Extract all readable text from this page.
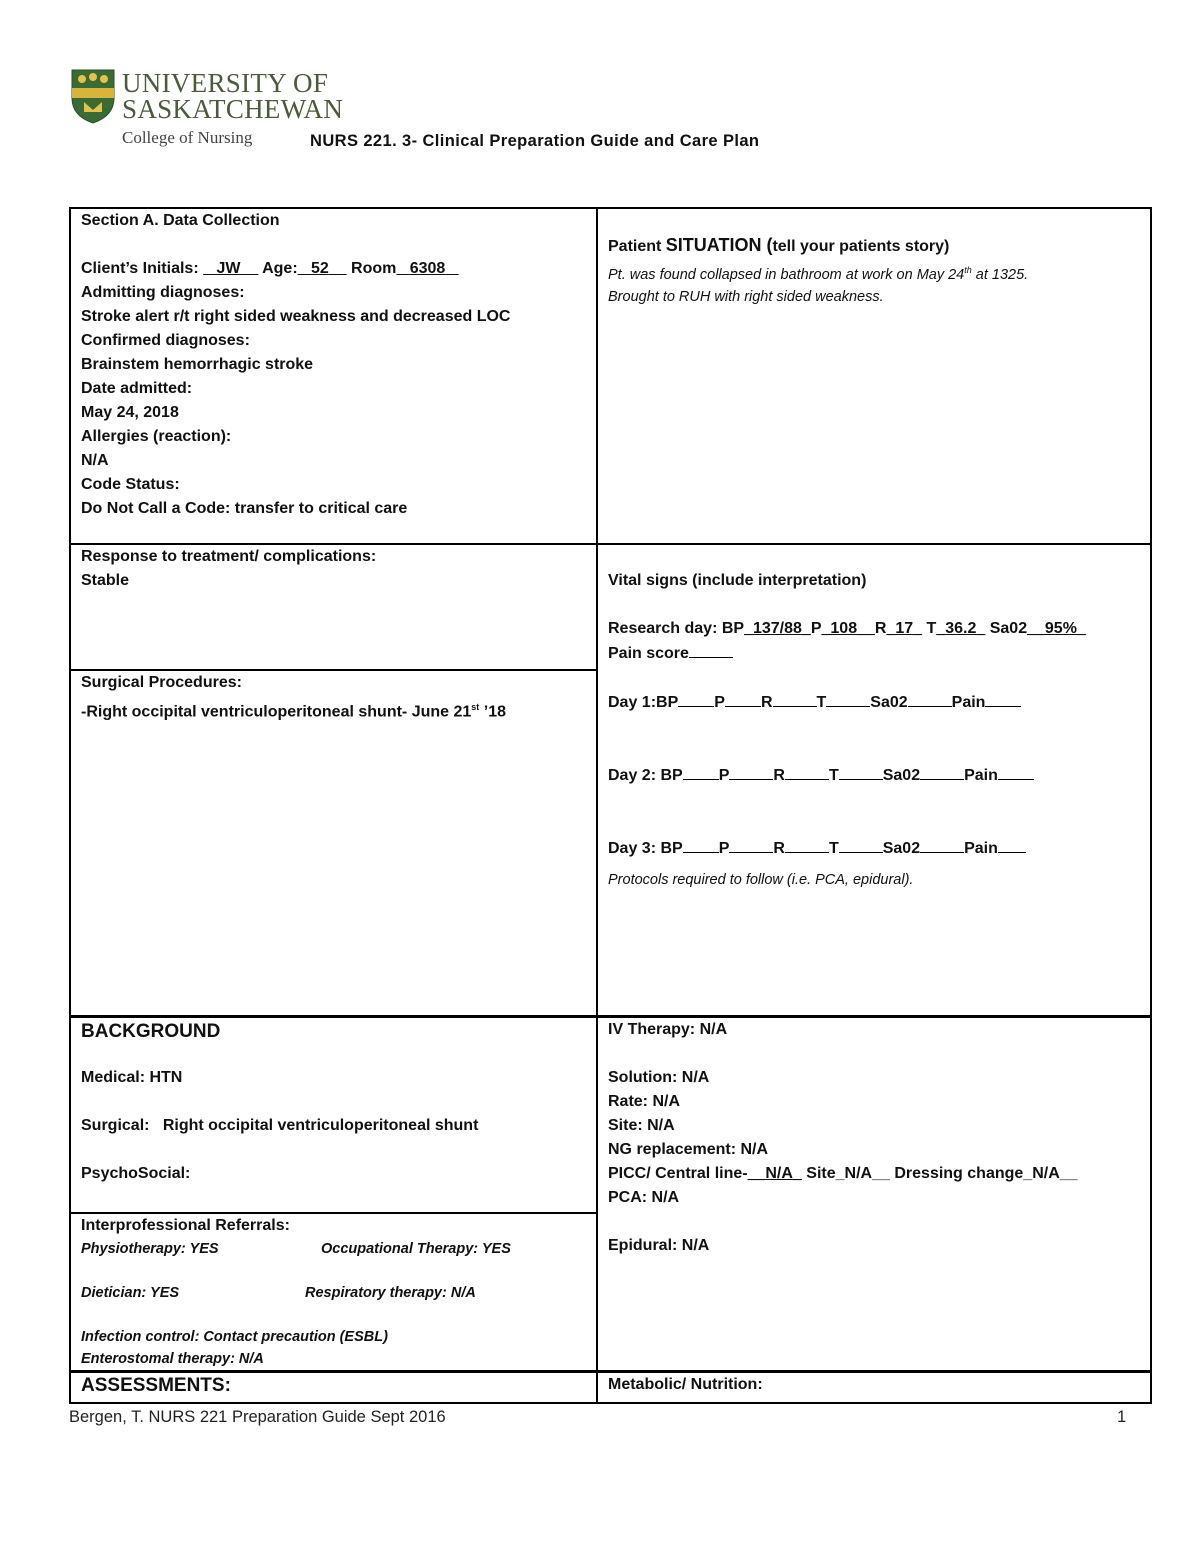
UNIVERSITY OF
SASKATCHEWAN
College of Nursing	NURS 221. 3- Clinical Preparation Guide and Care Plan
Section A. Data Collection
Client’s Initials: JW Age: 52 Room 6308
Admitting diagnoses:
Stroke alert r/t right sided weakness and decreased LOC
Confirmed diagnoses:
Brainstem hemorrhagic stroke
Date admitted:
May 24, 2018
Allergies (reaction):
N/A
Code Status:
Do Not Call a Code: transfer to critical care
Patient SITUATION (tell your patients story)
Pt. was found collapsed in bathroom at work on May 24th at 1325.
Brought to RUH with right sided weakness.
Response to treatment/ complications:
Stable
Surgical Procedures:
-Right occipital ventriculoperitoneal shunt- June 21st ’18
Vital signs (include interpretation)
Research day: BP_137/88_P_108__R_17_ T_36.2_ Sa02__95%_
Pain score
Day 1:BP P R	T	Sa02	Pain
Day 2: BP P	R	T	Sa02	Pain
Day 3: BP P	R	T	Sa02	Pain
Protocols required to follow (i.e. PCA, epidural).
BACKGROUND
Medical: HTN
Surgical: Right occipital ventriculoperitoneal shunt
PsychoSocial:
Interprofessional Referrals:
Physiotherapy: YES	Occupational Therapy: YES
Dietician: YES	Respiratory therapy: N/A
Infection control: Contact precaution (ESBL)
Enterostomal therapy: N/A
IV Therapy: N/A
Solution: N/A
Rate: N/A
Site: N/A
NG replacement: N/A
PICC/ Central line-__N/A_ Site_N/A__ Dressing change_N/A__
PCA: N/A
Epidural: N/A
ASSESSMENTS:	Metabolic/ Nutrition:
Bergen, T. NURS 221 Preparation Guide Sept 2016	1
